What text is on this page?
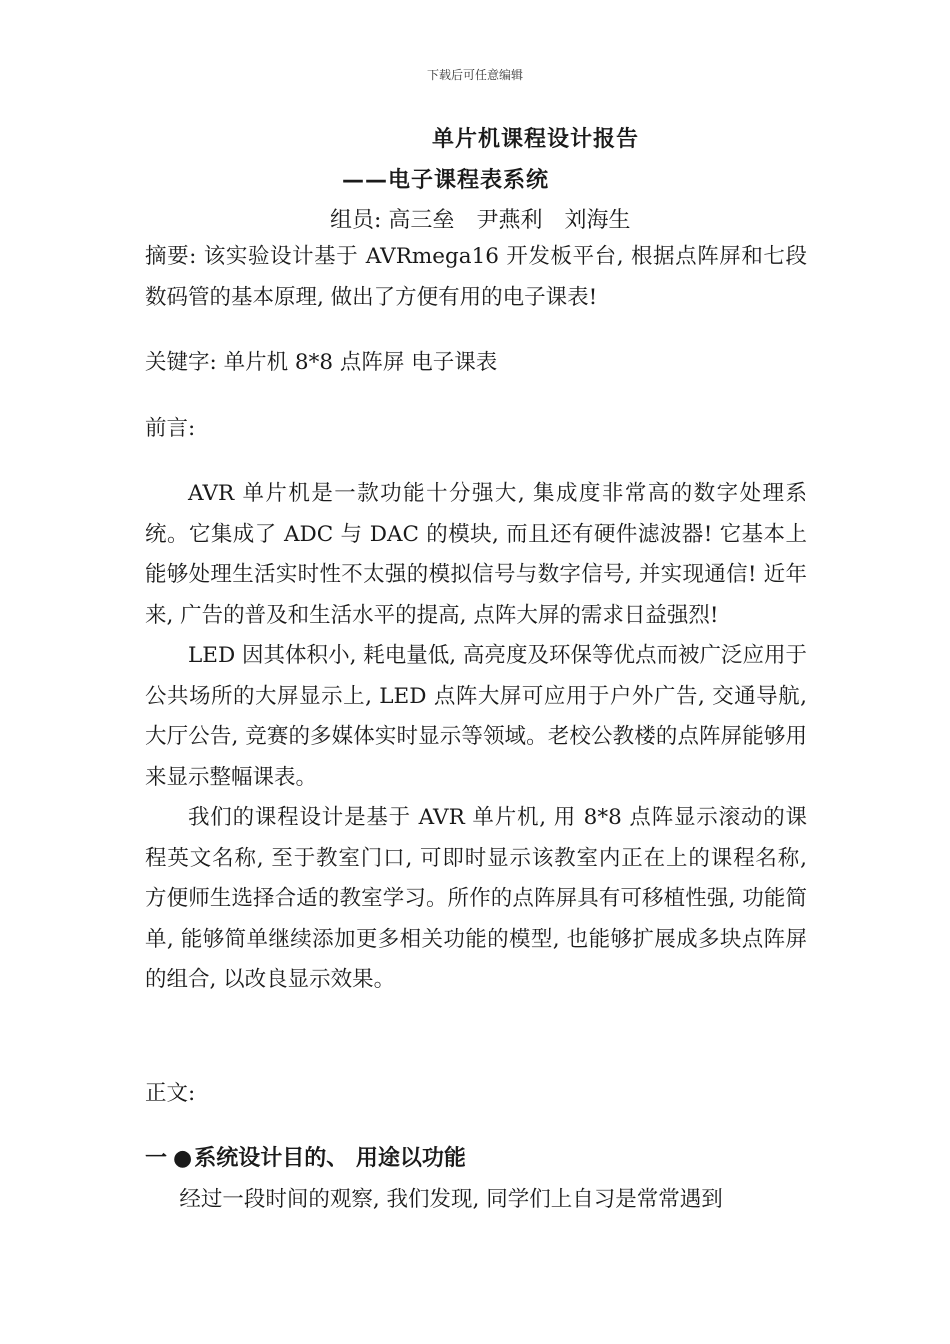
下载后可任意编辑
单片机课程设计报告
——电子课程表系统
组员: 高三垒 尹燕利 刘海生

摘要: 该实验设计基于 AVRmega16 开发板平台, 根据点阵屏和七段数码管的基本原理, 做出了方便有用的电子课表!

关键字: 单片机 8*8 点阵屏 电子课表

前言:

AVR 单片机是一款功能十分强大, 集成度非常高的数字处理系统。它集成了 ADC 与 DAC 的模块, 而且还有硬件滤波器! 它基本上能够处理生活实时性不太强的模拟信号与数字信号, 并实现通信! 近年来, 广告的普及和生活水平的提高, 点阵大屏的需求日益强烈!

LED 因其体积小, 耗电量低, 高亮度及环保等优点而被广泛应用于公共场所的大屏显示上, LED 点阵大屏可应用于户外广告, 交通导航, 大厅公告, 竞赛的多媒体实时显示等领域。老校公教楼的点阵屏能够用来显示整幅课表。

我们的课程设计是基于 AVR 单片机, 用 8*8 点阵显示滚动的课程英文名称, 至于教室门口, 可即时显示该教室内正在上的课程名称, 方便师生选择合适的教室学习。所作的点阵屏具有可移植性强, 功能简单, 能够简单继续添加更多相关功能的模型, 也能够扩展成多块点阵屏的组合, 以改良显示效果。

正文:

一 ●系统设计目的、 用途以功能

经过一段时间的观察, 我们发现, 同学们上自习是常常遇到
